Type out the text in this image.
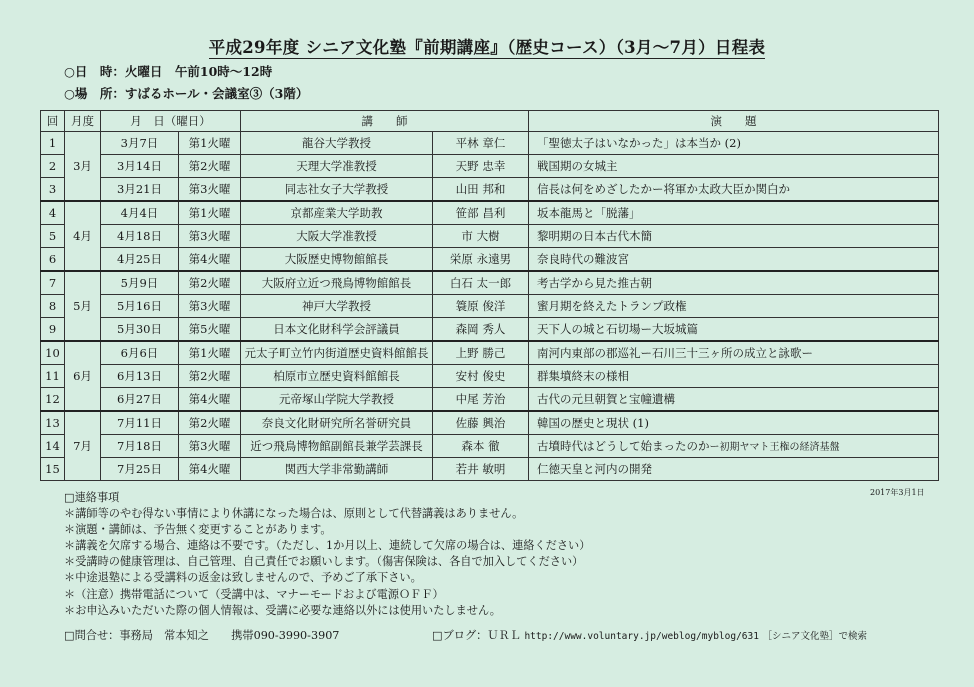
平成29年度 シニア文化塾『前期講座』（歴史コース）（3月〜7月）日程表
○日　時：火曜日　午前10時〜12時
○場　所：すばるホール・会議室③（3階）
回	月度	月　日（曜日）		講　　師		演　　題
1	3月	3月7日	第1火曜	龍谷大学教授	平林 章仁	「聖徳太子はいなかった」は本当か (2)
2		3月14日	第2火曜	天理大学准教授	天野 忠幸	戦国期の女城主
3		3月21日	第3火曜	同志社女子大学教授	山田 邦和	信長は何をめざしたかー将軍か太政大臣か関白か
4	4月	4月4日	第1火曜	京都産業大学助教	笹部 昌利	坂本龍馬と「脱藩」
5		4月18日	第3火曜	大阪大学准教授	市 大樹	黎明期の日本古代木簡
6		4月25日	第4火曜	大阪歴史博物館館長	栄原 永遠男	奈良時代の難波宮
7	5月	5月9日	第2火曜	大阪府立近つ飛鳥博物館館長	白石 太一郎	考古学から見た推古朝
8		5月16日	第3火曜	神戸大学教授	簑原 俊洋	蜜月期を終えたトランプ政権
9		5月30日	第5火曜	日本文化財科学会評議員	森岡 秀人	天下人の城と石切場ー大坂城篇
10	6月	6月6日	第1火曜	元太子町立竹内街道歴史資料館館長	上野 勝己	南河内東部の郡巡礼ー石川三十三ヶ所の成立と詠歌ー
11		6月13日	第2火曜	柏原市立歴史資料館館長	安村 俊史	群集墳終末の様相
12		6月27日	第4火曜	元帝塚山学院大学教授	中尾 芳治	古代の元旦朝賀と宝幢遺構
13	7月	7月11日	第2火曜	奈良文化財研究所名誉研究員	佐藤 興治	韓国の歴史と現状 (1)
14		7月18日	第3火曜	近つ飛鳥博物館副館長兼学芸課長	森本 徹	古墳時代はどうして始まったのかー初期ヤマト王権の経済基盤
15		7月25日	第4火曜	関西大学非常勤講師	若井 敏明	仁徳天皇と河内の開発
2017年3月1日
□連絡事項
＊講師等のやむ得ない事情により休講になった場合は、原則として代替講義はありません。
＊演題・講師は、予告無く変更することがあります。
＊講義を欠席する場合、連絡は不要です。（ただし、1か月以上、連続して欠席の場合は、連絡ください）
＊受講時の健康管理は、自己管理、自己責任でお願いします。（傷害保険は、各自で加入してください）
＊中途退塾による受講料の返金は致しませんので、予めご了承下さい。
＊（注意）携帯電話について（受講中は、マナーモードおよび電源ＯＦＦ）
＊お申込みいただいた際の個人情報は、受講に必要な連絡以外には使用いたしません。
□問合せ：事務局　常本知之　　携帯090-3990-3907	□ブログ：ＵＲＬ http://www.voluntary.jp/weblog/myblog/631 ［シニア文化塾］で検索
